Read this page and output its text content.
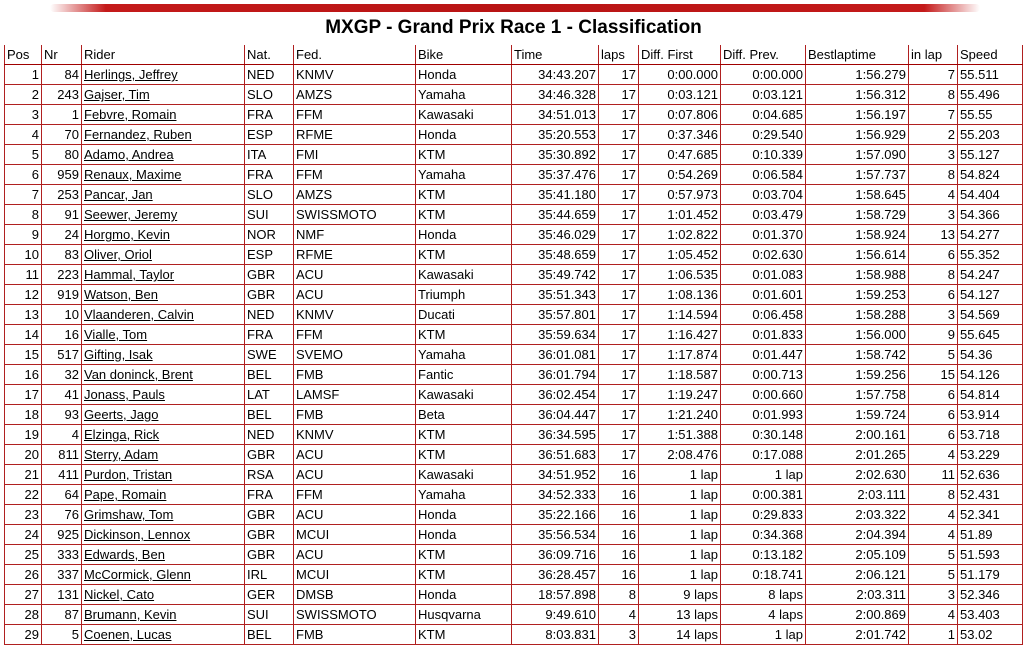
MXGP - Grand Prix Race 1 - Classification
Pos	Nr	Rider	Nat.	Fed.	Bike	Time	laps	Diff. First	Diff. Prev.	Bestlaptime	in lap	Speed
1	84	Herlings, Jeffrey	NED	KNMV	Honda	34:43.207	17	0:00.000	0:00.000	1:56.279	7	55.511
2	243	Gajser, Tim	SLO	AMZS	Yamaha	34:46.328	17	0:03.121	0:03.121	1:56.312	8	55.496
3	1	Febvre, Romain	FRA	FFM	Kawasaki	34:51.013	17	0:07.806	0:04.685	1:56.197	7	55.55
4	70	Fernandez, Ruben	ESP	RFME	Honda	35:20.553	17	0:37.346	0:29.540	1:56.929	2	55.203
5	80	Adamo, Andrea	ITA	FMI	KTM	35:30.892	17	0:47.685	0:10.339	1:57.090	3	55.127
6	959	Renaux, Maxime	FRA	FFM	Yamaha	35:37.476	17	0:54.269	0:06.584	1:57.737	8	54.824
7	253	Pancar, Jan	SLO	AMZS	KTM	35:41.180	17	0:57.973	0:03.704	1:58.645	4	54.404
8	91	Seewer, Jeremy	SUI	SWISSMOTO	KTM	35:44.659	17	1:01.452	0:03.479	1:58.729	3	54.366
9	24	Horgmo, Kevin	NOR	NMF	Honda	35:46.029	17	1:02.822	0:01.370	1:58.924	13	54.277
10	83	Oliver, Oriol	ESP	RFME	KTM	35:48.659	17	1:05.452	0:02.630	1:56.614	6	55.352
11	223	Hammal, Taylor	GBR	ACU	Kawasaki	35:49.742	17	1:06.535	0:01.083	1:58.988	8	54.247
12	919	Watson, Ben	GBR	ACU	Triumph	35:51.343	17	1:08.136	0:01.601	1:59.253	6	54.127
13	10	Vlaanderen, Calvin	NED	KNMV	Ducati	35:57.801	17	1:14.594	0:06.458	1:58.288	3	54.569
14	16	Vialle, Tom	FRA	FFM	KTM	35:59.634	17	1:16.427	0:01.833	1:56.000	9	55.645
15	517	Gifting, Isak	SWE	SVEMO	Yamaha	36:01.081	17	1:17.874	0:01.447	1:58.742	5	54.36
16	32	Van doninck, Brent	BEL	FMB	Fantic	36:01.794	17	1:18.587	0:00.713	1:59.256	15	54.126
17	41	Jonass, Pauls	LAT	LAMSF	Kawasaki	36:02.454	17	1:19.247	0:00.660	1:57.758	6	54.814
18	93	Geerts, Jago	BEL	FMB	Beta	36:04.447	17	1:21.240	0:01.993	1:59.724	6	53.914
19	4	Elzinga, Rick	NED	KNMV	KTM	36:34.595	17	1:51.388	0:30.148	2:00.161	6	53.718
20	811	Sterry, Adam	GBR	ACU	KTM	36:51.683	17	2:08.476	0:17.088	2:01.265	4	53.229
21	411	Purdon, Tristan	RSA	ACU	Kawasaki	34:51.952	16	1 lap	1 lap	2:02.630	11	52.636
22	64	Pape, Romain	FRA	FFM	Yamaha	34:52.333	16	1 lap	0:00.381	2:03.111	8	52.431
23	76	Grimshaw, Tom	GBR	ACU	Honda	35:22.166	16	1 lap	0:29.833	2:03.322	4	52.341
24	925	Dickinson, Lennox	GBR	MCUI	Honda	35:56.534	16	1 lap	0:34.368	2:04.394	4	51.89
25	333	Edwards, Ben	GBR	ACU	KTM	36:09.716	16	1 lap	0:13.182	2:05.109	5	51.593
26	337	McCormick, Glenn	IRL	MCUI	KTM	36:28.457	16	1 lap	0:18.741	2:06.121	5	51.179
27	131	Nickel, Cato	GER	DMSB	Honda	18:57.898	8	9 laps	8 laps	2:03.311	3	52.346
28	87	Brumann, Kevin	SUI	SWISSMOTO	Husqvarna	9:49.610	4	13 laps	4 laps	2:00.869	4	53.403
29	5	Coenen, Lucas	BEL	FMB	KTM	8:03.831	3	14 laps	1 lap	2:01.742	1	53.02
